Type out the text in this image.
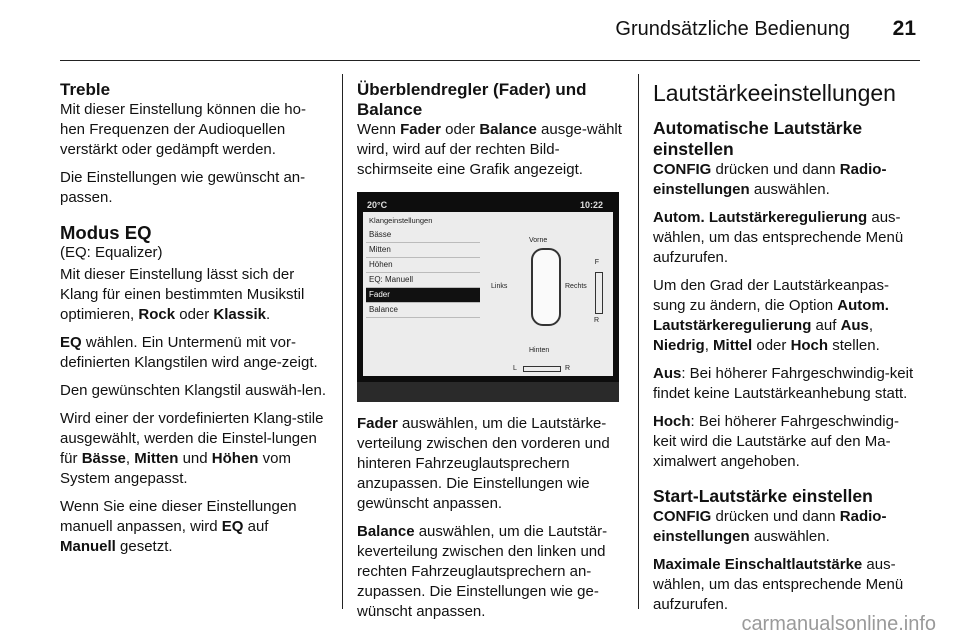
Grundsätzliche Bedienung 21
Treble

Mit dieser Einstellung können die ho-hen Frequenzen der Audioquellen verstärkt oder gedämpft werden.

Die Einstellungen wie gewünscht an-passen.

Modus EQ

(EQ: Equalizer)

Mit dieser Einstellung lässt sich der Klang für einen bestimmten Musikstil optimieren, Rock oder Klassik.

EQ wählen. Ein Untermenü mit vor-definierten Klangstilen wird ange-zeigt.

Den gewünschten Klangstil auswäh-len.

Wird einer der vordefinierten Klang-stile ausgewählt, werden die Einstel-lungen für Bässe, Mitten und Höhen vom System angepasst.

Wenn Sie eine dieser Einstellungen manuell anpassen, wird EQ auf Manuell gesetzt.

Überblendregler (Fader) und Balance

Wenn Fader oder Balance ausge-wählt wird, wird auf der rechten Bild-schirmseite eine Grafik angezeigt.

20°C	10:22
Klangeinstellungen
Bässe
Mitten
Höhen
EQ: Manuell
Fader
Balance
Vorne
Hinten
Links	Rechts
F
R
L	R

Fader auswählen, um die Lautstärke-verteilung zwischen den vorderen und hinteren Fahrzeuglautsprechern anzupassen. Die Einstellungen wie gewünscht anpassen.

Balance auswählen, um die Lautstär-keverteilung zwischen den linken und rechten Fahrzeuglautsprechern an-zupassen. Die Einstellungen wie ge-wünscht anpassen.

Lautstärkeeinstellungen
Automatische Lautstärke einstellen

CONFIG drücken und dann Radio-einstellungen auswählen.

Autom. Lautstärkeregulierung aus-wählen, um das entsprechende Menü aufzurufen.

Um den Grad der Lautstärkeanpas-sung zu ändern, die Option Autom. Lautstärkeregulierung auf Aus, Niedrig, Mittel oder Hoch stellen.

Aus: Bei höherer Fahrgeschwindig-keit findet keine Lautstärkeanhebung statt.

Hoch: Bei höherer Fahrgeschwindig-keit wird die Lautstärke auf den Ma-ximalwert angehoben.

Start-Lautstärke einstellen

CONFIG drücken und dann Radio-einstellungen auswählen.

Maximale Einschaltlautstärke aus-wählen, um das entsprechende Menü aufzurufen.

carmanualsonline.info
